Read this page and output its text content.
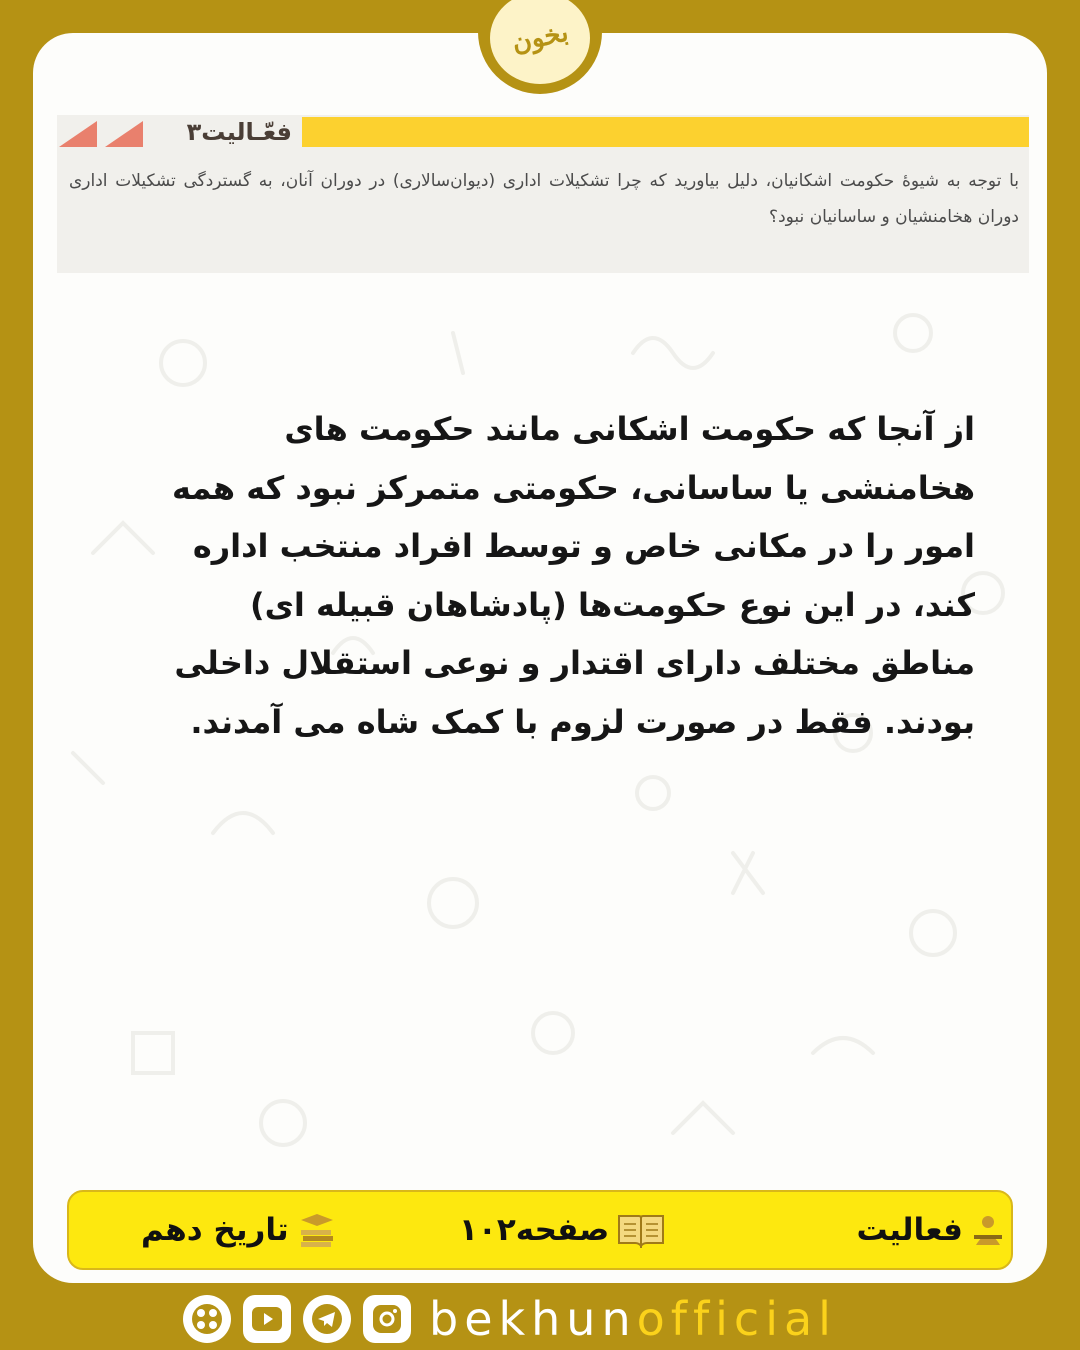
فعّـالیت۳
با توجه به شیوهٔ حکومت اشکانیان، دلیل بیاورید که چرا تشکیلات اداری (دیوان‌سالاری) در دوران آنان، به گستردگی تشکیلات اداری دوران هخامنشیان و ساسانیان نبود؟
از آنجا که حکومت اشکانی مانند حکومت های
هخامنشی یا ساسانی، حکومتی متمرکز نبود که همه
امور را در مکانی خاص و توسط افراد منتخب اداره
کند، در این نوع حکومت‌ها (پادشاهان قبیله ای)
مناطق مختلف دارای اقتدار و نوعی استقلال داخلی
بودند. فقط در صورت لزوم با کمک شاه می آمدند.
بخون
فعالیت
صفحه۱۰۲
تاریخ دهم
bekhunofficial
